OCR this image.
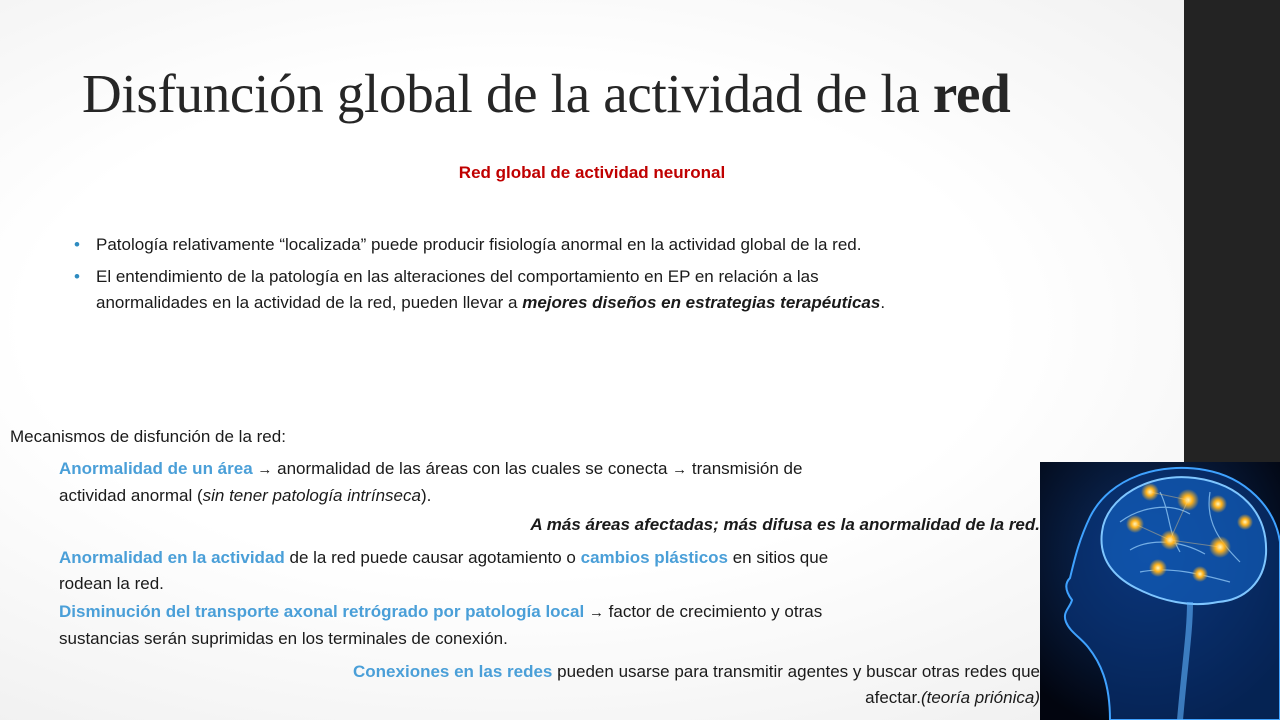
Disfunción global de la actividad de la red
Red global de actividad neuronal
• Patología relativamente “localizada” puede producir fisiología anormal en la actividad global de la red.
• El entendimiento de la patología en las alteraciones del comportamiento en EP en relación a las
anormalidades en la actividad de la red, pueden llevar a mejores diseños en estrategias terapéuticas.
Mecanismos de disfunción de la red:
Anormalidad de un área → anormalidad de las áreas con las cuales se conecta → transmisión de
actividad anormal (sin tener patología intrínseca).
A más áreas afectadas; más difusa es la anormalidad de la red.
Anormalidad en la actividad de la red puede causar agotamiento o cambios plásticos en sitios que
rodean la red.
Disminución del transporte axonal retrógrado por patología local → factor de crecimiento y otras
sustancias serán suprimidas en los terminales de conexión.
Conexiones en las redes pueden usarse para transmitir agentes y buscar otras redes que
afectar.(teoría priónica)
